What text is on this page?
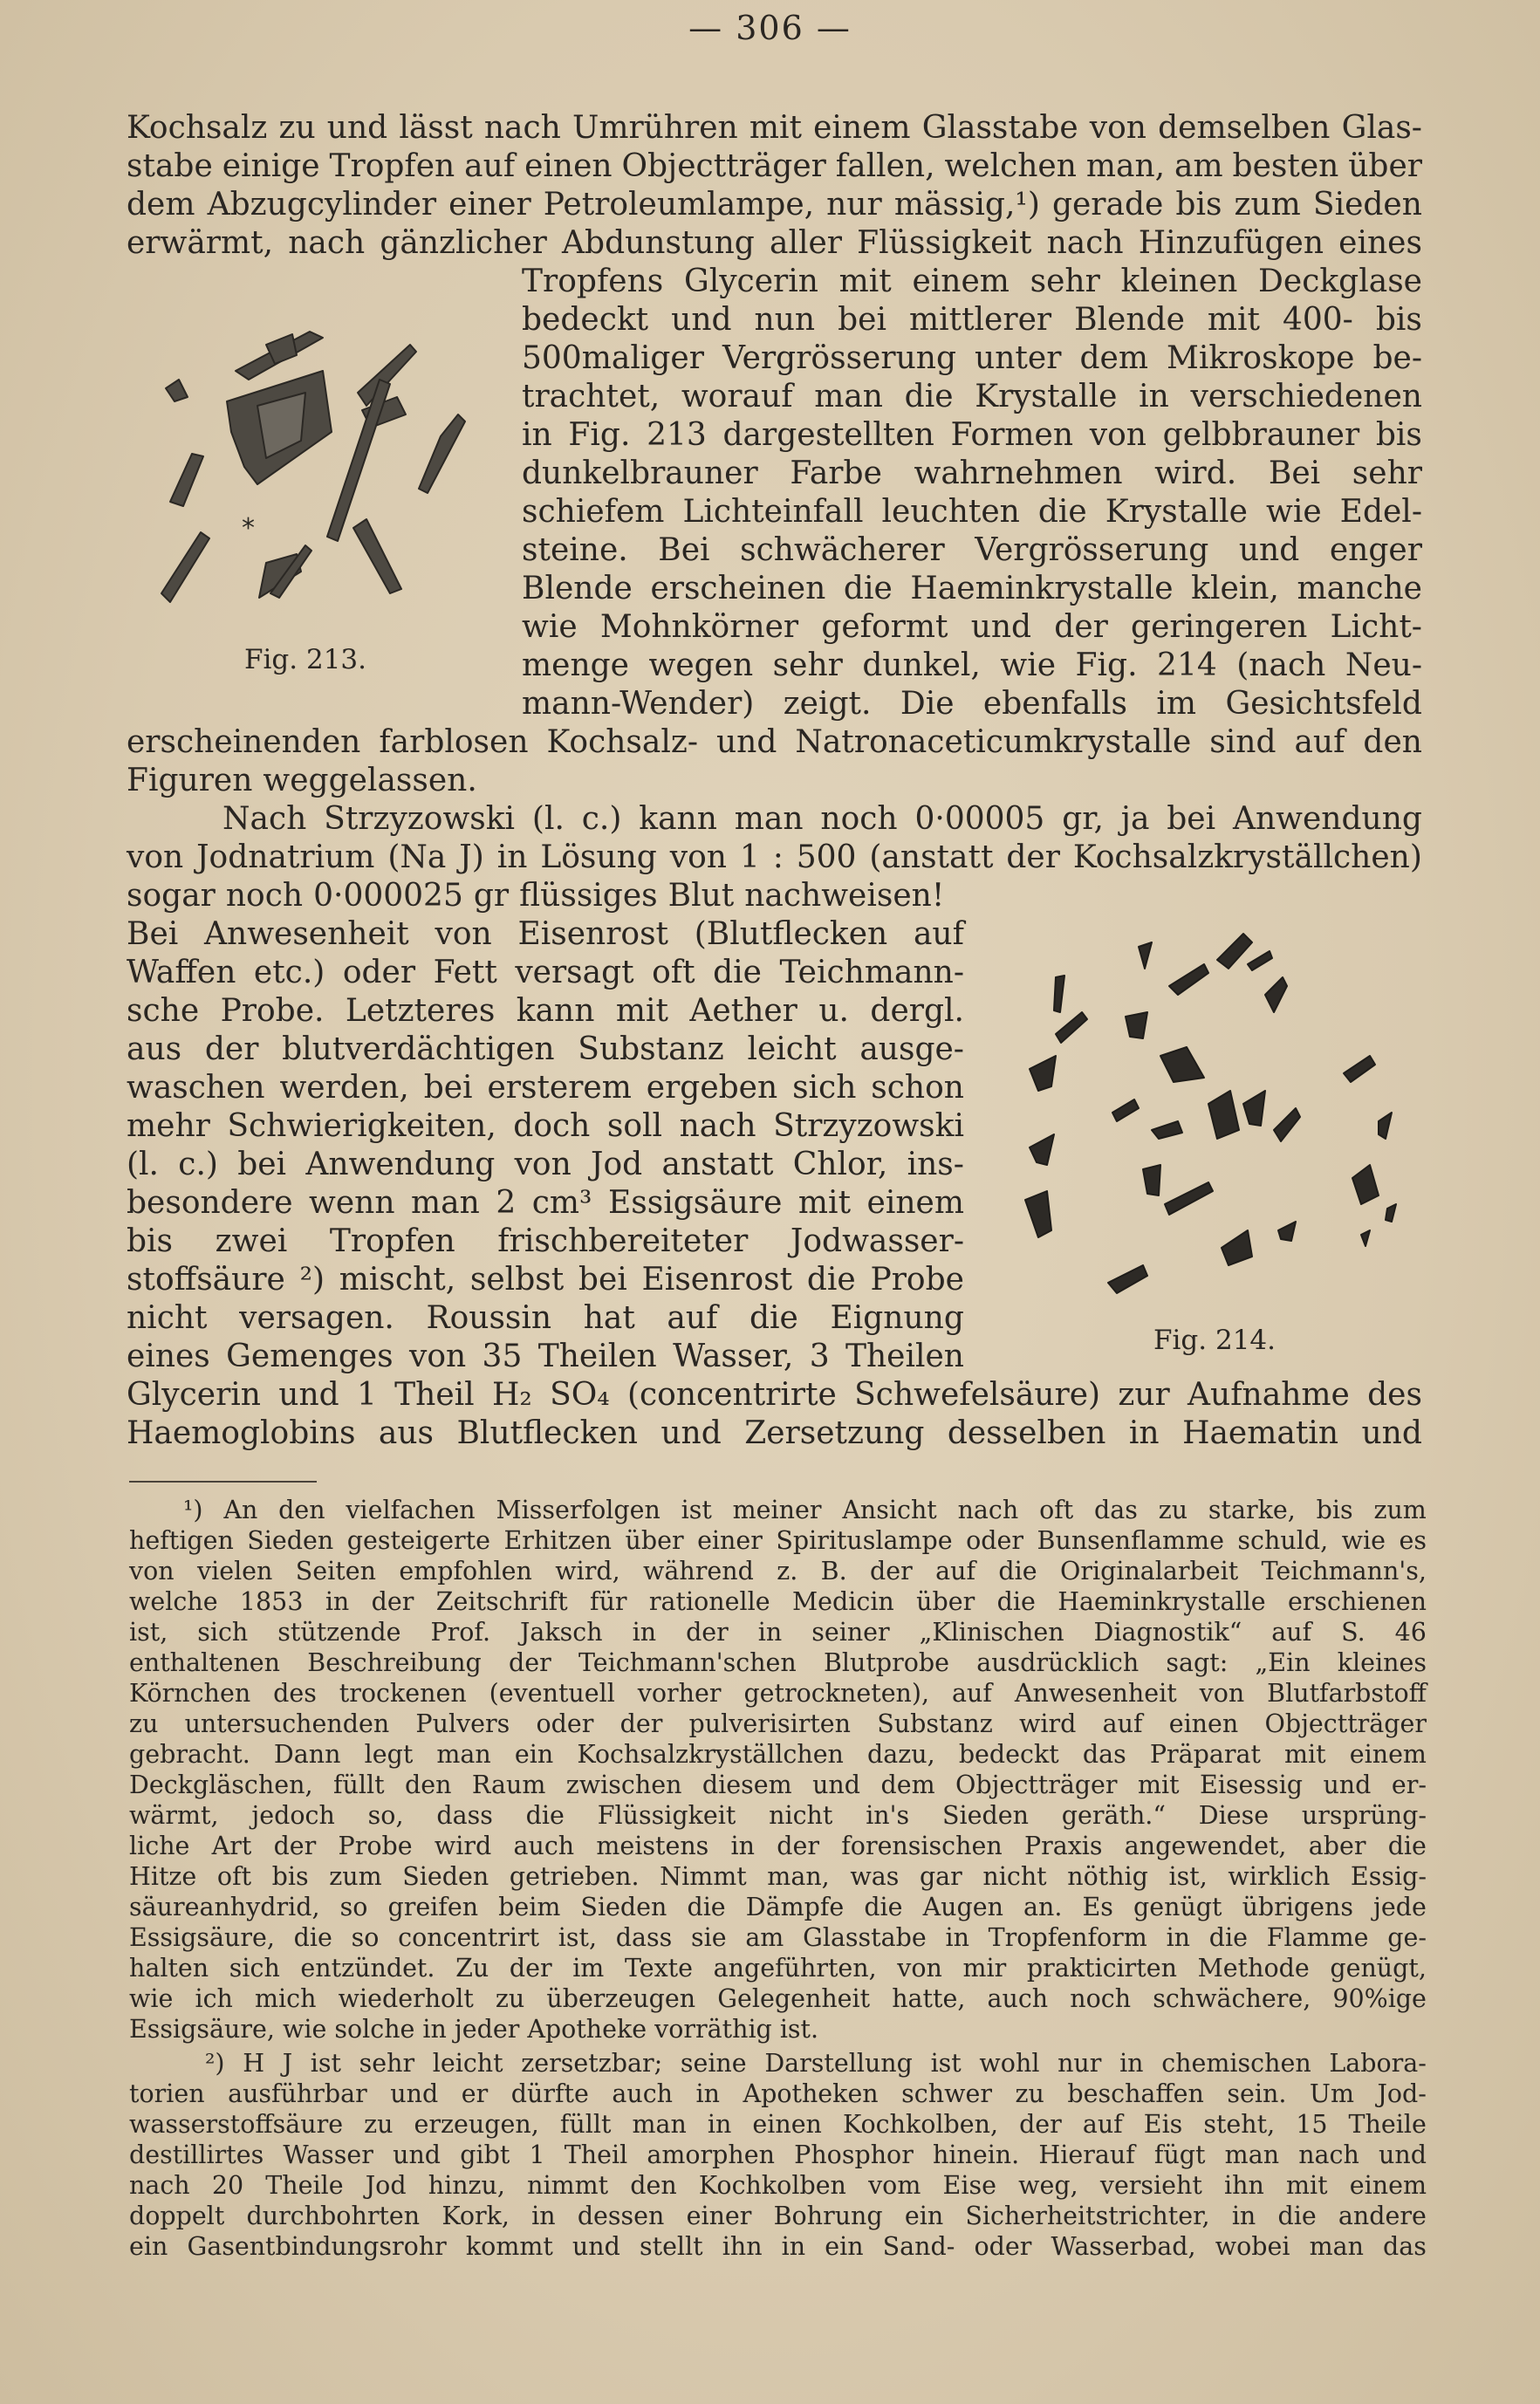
— 306 —
Kochsalz zu und lässt nach Umrühren mit einem Glasstabe von demselben Glas-
stabe einige Tropfen auf einen Objectträger fallen, welchen man, am besten über
dem Abzugcylinder einer Petroleumlampe, nur mässig,¹) gerade bis zum Sieden
erwärmt, nach gänzlicher Abdunstung aller Flüssigkeit nach Hinzufügen eines
Tropfens Glycerin mit einem sehr kleinen Deckglase
bedeckt und nun bei mittlerer Blende mit 400- bis
500maliger Vergrösserung unter dem Mikroskope be-
trachtet, worauf man die Krystalle in verschiedenen
in Fig. 213 dargestellten Formen von gelbbrauner bis
dunkelbrauner Farbe wahrnehmen wird. Bei sehr
schiefem Lichteinfall leuchten die Krystalle wie Edel-
steine. Bei schwächerer Vergrösserung und enger
Blende erscheinen die Haeminkrystalle klein, manche
wie Mohnkörner geformt und der geringeren Licht-
menge wegen sehr dunkel, wie Fig. 214 (nach Neu-
mann-Wender) zeigt. Die ebenfalls im Gesichtsfeld
erscheinenden farblosen Kochsalz- und Natronaceticumkrystalle sind auf den
Figuren weggelassen.
Nach Strzyzowski (l. c.) kann man noch 0·00005 gr, ja bei Anwendung
von Jodnatrium (Na J) in Lösung von 1 : 500 (anstatt der Kochsalzkryställchen)
sogar noch 0·000025 gr flüssiges Blut nachweisen!
Bei Anwesenheit von Eisenrost (Blutflecken auf
Waffen etc.) oder Fett versagt oft die Teichmann-
sche Probe. Letzteres kann mit Aether u. dergl.
aus der blutverdächtigen Substanz leicht ausge-
waschen werden, bei ersterem ergeben sich schon
mehr Schwierigkeiten, doch soll nach Strzyzowski
(l. c.) bei Anwendung von Jod anstatt Chlor, ins-
besondere wenn man 2 cm³ Essigsäure mit einem
bis zwei Tropfen frischbereiteter Jodwasser-
stoffsäure ²) mischt, selbst bei Eisenrost die Probe
nicht versagen. Roussin hat auf die Eignung
eines Gemenges von 35 Theilen Wasser, 3 Theilen
Glycerin und 1 Theil H₂ SO₄ (concentrirte Schwefelsäure) zur Aufnahme des
Haemoglobins aus Blutflecken und Zersetzung desselben in Haematin und
¹) An den vielfachen Misserfolgen ist meiner Ansicht nach oft das zu starke, bis zum
heftigen Sieden gesteigerte Erhitzen über einer Spirituslampe oder Bunsenflamme schuld, wie es
von vielen Seiten empfohlen wird, während z. B. der auf die Originalarbeit Teichmann's,
welche 1853 in der Zeitschrift für rationelle Medicin über die Haeminkrystalle erschienen
ist, sich stützende Prof. Jaksch in der in seiner „Klinischen Diagnostik“ auf S. 46
enthaltenen Beschreibung der Teichmann'schen Blutprobe ausdrücklich sagt: „Ein kleines
Körnchen des trockenen (eventuell vorher getrockneten), auf Anwesenheit von Blutfarbstoff
zu untersuchenden Pulvers oder der pulverisirten Substanz wird auf einen Objectträger
gebracht. Dann legt man ein Kochsalzkryställchen dazu, bedeckt das Präparat mit einem
Deckgläschen, füllt den Raum zwischen diesem und dem Objectträger mit Eisessig und er-
wärmt, jedoch so, dass die Flüssigkeit nicht in's Sieden geräth.“ Diese ursprüng-
liche Art der Probe wird auch meistens in der forensischen Praxis angewendet, aber die
Hitze oft bis zum Sieden getrieben. Nimmt man, was gar nicht nöthig ist, wirklich Essig-
säureanhydrid, so greifen beim Sieden die Dämpfe die Augen an. Es genügt übrigens jede
Essigsäure, die so concentrirt ist, dass sie am Glasstabe in Tropfenform in die Flamme ge-
halten sich entzündet. Zu der im Texte angeführten, von mir prakticirten Methode genügt,
wie ich mich wiederholt zu überzeugen Gelegenheit hatte, auch noch schwächere, 90%ige
Essigsäure, wie solche in jeder Apotheke vorräthig ist.
²) H J ist sehr leicht zersetzbar; seine Darstellung ist wohl nur in chemischen Labora-
torien ausführbar und er dürfte auch in Apotheken schwer zu beschaffen sein. Um Jod-
wasserstoffsäure zu erzeugen, füllt man in einen Kochkolben, der auf Eis steht, 15 Theile
destillirtes Wasser und gibt 1 Theil amorphen Phosphor hinein. Hierauf fügt man nach und
nach 20 Theile Jod hinzu, nimmt den Kochkolben vom Eise weg, versieht ihn mit einem
doppelt durchbohrten Kork, in dessen einer Bohrung ein Sicherheitstrichter, in die andere
ein Gasentbindungsrohr kommt und stellt ihn in ein Sand- oder Wasserbad, wobei man das
*
Fig. 213.
Fig. 214.
